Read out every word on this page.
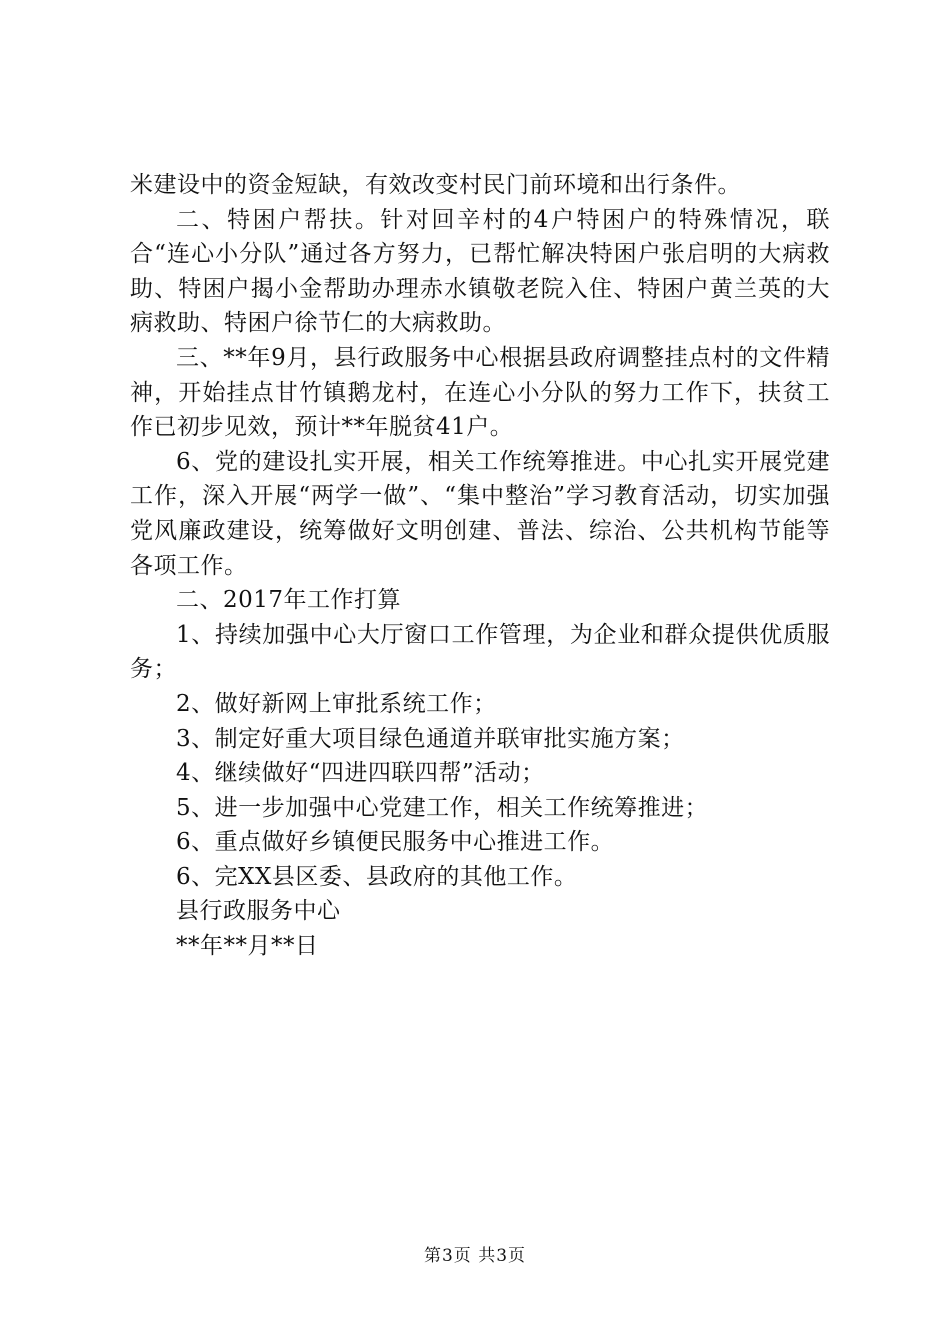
米建设中的资金短缺，有效改变村民门前环境和出行条件。

二、特困户帮扶。针对回辛村的4户特困户的特殊情况，联合“连心小分队”通过各方努力，已帮忙解决特困户张启明的大病救助、特困户揭小金帮助办理赤水镇敬老院入住、特困户黄兰英的大病救助、特困户徐节仁的大病救助。

三、**年9月，县行政服务中心根据县政府调整挂点村的文件精神，开始挂点甘竹镇鹅龙村，在连心小分队的努力工作下，扶贫工作已初步见效，预计**年脱贫41户。

6、党的建设扎实开展，相关工作统筹推进。中心扎实开展党建工作，深入开展“两学一做”、“集中整治”学习教育活动，切实加强党风廉政建设，统筹做好文明创建、普法、综治、公共机构节能等各项工作。

二、2017年工作打算

1、持续加强中心大厅窗口工作管理，为企业和群众提供优质服务；

2、做好新网上审批系统工作；

3、制定好重大项目绿色通道并联审批实施方案；

4、继续做好“四进四联四帮”活动；

5、进一步加强中心党建工作，相关工作统筹推进；

6、重点做好乡镇便民服务中心推进工作。

6、完XX县区委、县政府的其他工作。

县行政服务中心

**年**月**日

第3页 共3页
